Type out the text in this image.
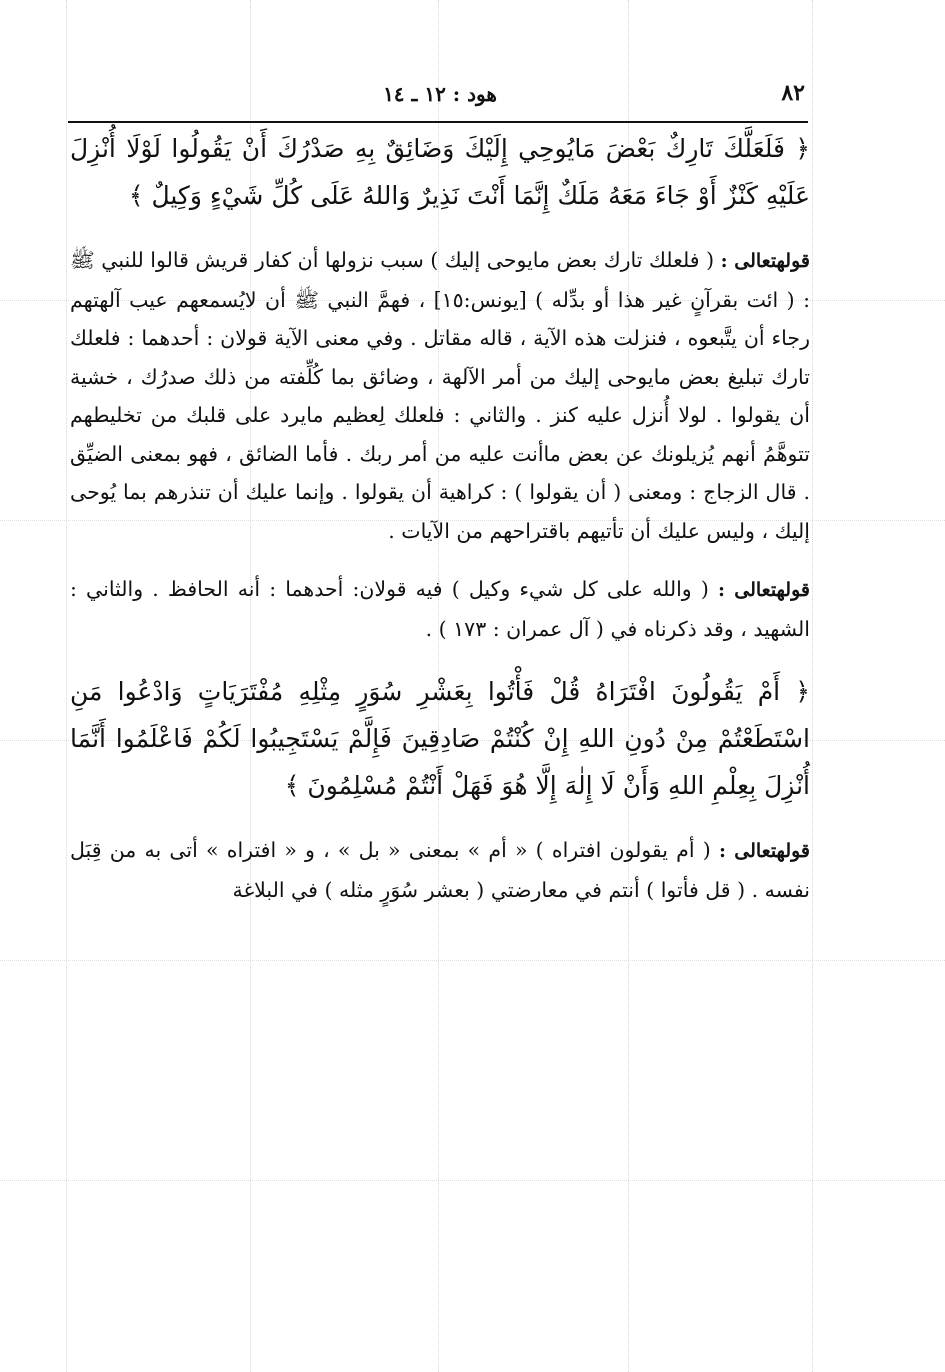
٨٢
هود : ١٢ ـ ١٤

﴿ فَلَعَلَّكَ تَارِكٌ بَعْضَ مَايُوحِي إِلَيْكَ وَضَائِقٌ بِهِ صَدْرُكَ أَنْ يَقُولُوا لَوْلَا أُنْزِلَ عَلَيْهِ كَنْزٌ أَوْ جَاءَ مَعَهُ مَلَكٌ إِنَّمَا أَنْتَ نَذِيرٌ وَاللهُ عَلَى كُلِّ شَيْءٍ وَكِيلٌ ﴾

قولهتعالى : ( فلعلك تارك بعض مايوحى إليك ) سبب نزولها أن كفار قريش قالوا للنبي ﷺ : ( ائت بقرآنٍ غير هذا أو بدِّله ) [يونس:١٥] ، فهمَّ النبي ﷺ أن لايُسمعهم عيب آلهتهم رجاء أن يتَّبعوه ، فنزلت هذه الآية ، قاله مقاتل . وفي معنى الآية قولان : أحدهما : فلعلك تارك تبليغ بعض مايوحى إليك من أمر الآلهة ، وضائق بما كُلِّفته من ذلك صدرُك ، خشية أن يقولوا . لولا أُنزل عليه كنز . والثاني : فلعلك لِعظيم مايرد على قلبك من تخليطهم تتوهَّمُ أنهم يُزيلونك عن بعض ماأنت عليه من أمر ربك . فأما الضائق ، فهو بمعنى الضيِّق . قال الزجاج : ومعنى ( أن يقولوا ) : كراهية أن يقولوا . وإنما عليك أن تنذرهم بما يُوحى إليك ، وليس عليك أن تأتيهم باقتراحهم من الآيات .

قولهتعالى : ( والله على كل شيء وكيل ) فيه قولان: أحدهما : أنه الحافظ . والثاني : الشهيد ، وقد ذكرناه في ( آل عمران : ١٧٣ ) .

﴿ أَمْ يَقُولُونَ افْتَرَاهُ قُلْ فَأْتُوا بِعَشْرِ سُوَرٍ مِثْلِهِ مُفْتَرَيَاتٍ وَادْعُوا مَنِ اسْتَطَعْتُمْ مِنْ دُونِ اللهِ إِنْ كُنْتُمْ صَادِقِينَ فَإِلَّمْ يَسْتَجِيبُوا لَكُمْ فَاعْلَمُوا أَنَّمَا أُنْزِلَ بِعِلْمِ اللهِ وَأَنْ لَا إِلٰهَ إِلَّا هُوَ فَهَلْ أَنْتُمْ مُسْلِمُونَ ﴾

قولهتعالى : ( أم يقولون افتراه ) « أم » بمعنى « بل » ، و « افتراه » أتى به من قِبَل نفسه . ( قل فأتوا ) أنتم في معارضتي ( بعشر سُوَرٍ مثله ) في البلاغة
